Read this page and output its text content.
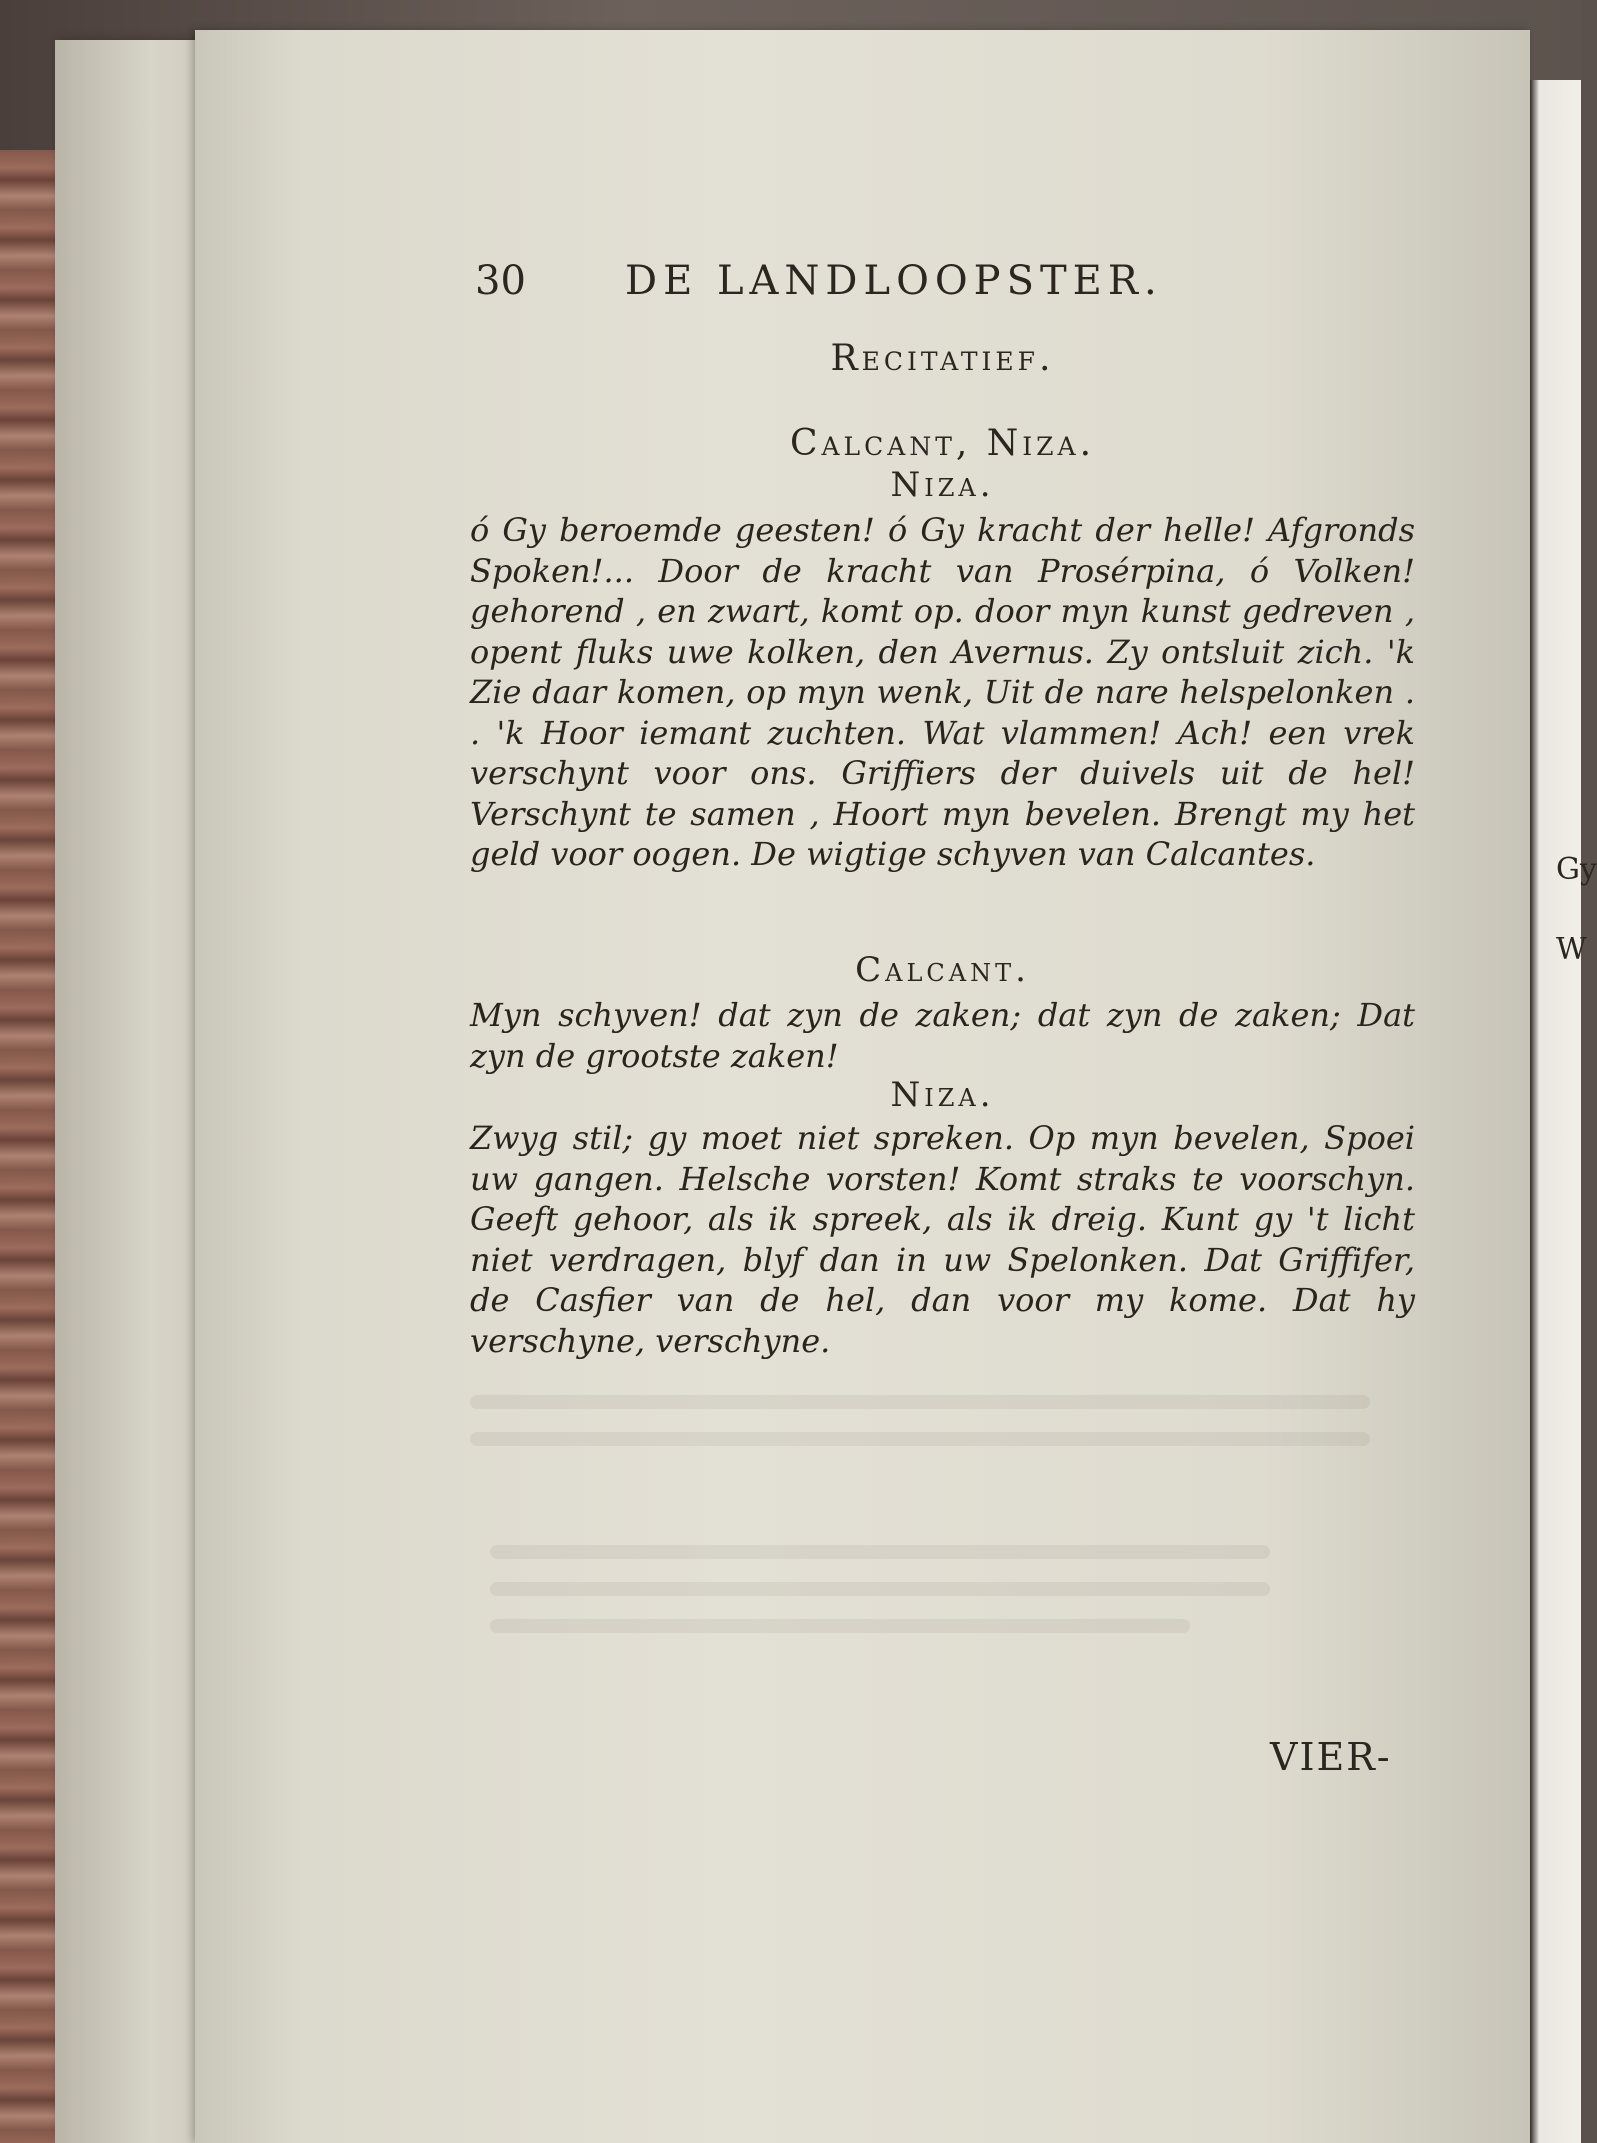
Gy
W
30 DE LANDLOOPSTER.
Recitatief.
Calcant, Niza.
Niza.
ó Gy beroemde geesten! ó Gy kracht der helle! Afgronds Spoken!... Door de kracht van Prosérpina, ó Volken! gehorend , en zwart, komt op. door myn kunst gedreven , opent fluks uwe kolken, den Avernus. Zy ontsluit zich. 'k Zie daar komen, op myn wenk, Uit de nare helspelonken . . 'k Hoor iemant zuchten. Wat vlammen! Ach! een vrek verschynt voor ons. Griffiers der duivels uit de hel! Verschynt te samen , Hoort myn bevelen. Brengt my het geld voor oogen. De wigtige schyven van Calcantes.
Calcant.
Myn schyven! dat zyn de zaken; dat zyn de zaken; Dat zyn de grootste zaken!
Niza.
Zwyg stil; gy moet niet spreken. Op myn bevelen, Spoei uw gangen. Helsche vorsten! Komt straks te voorschyn. Geeft gehoor, als ik spreek, als ik dreig. Kunt gy 't licht niet verdragen, blyf dan in uw Spelonken. Dat Griffifer, de Casfier van de hel, dan voor my kome. Dat hy verschyne, verschyne.
VIER-
